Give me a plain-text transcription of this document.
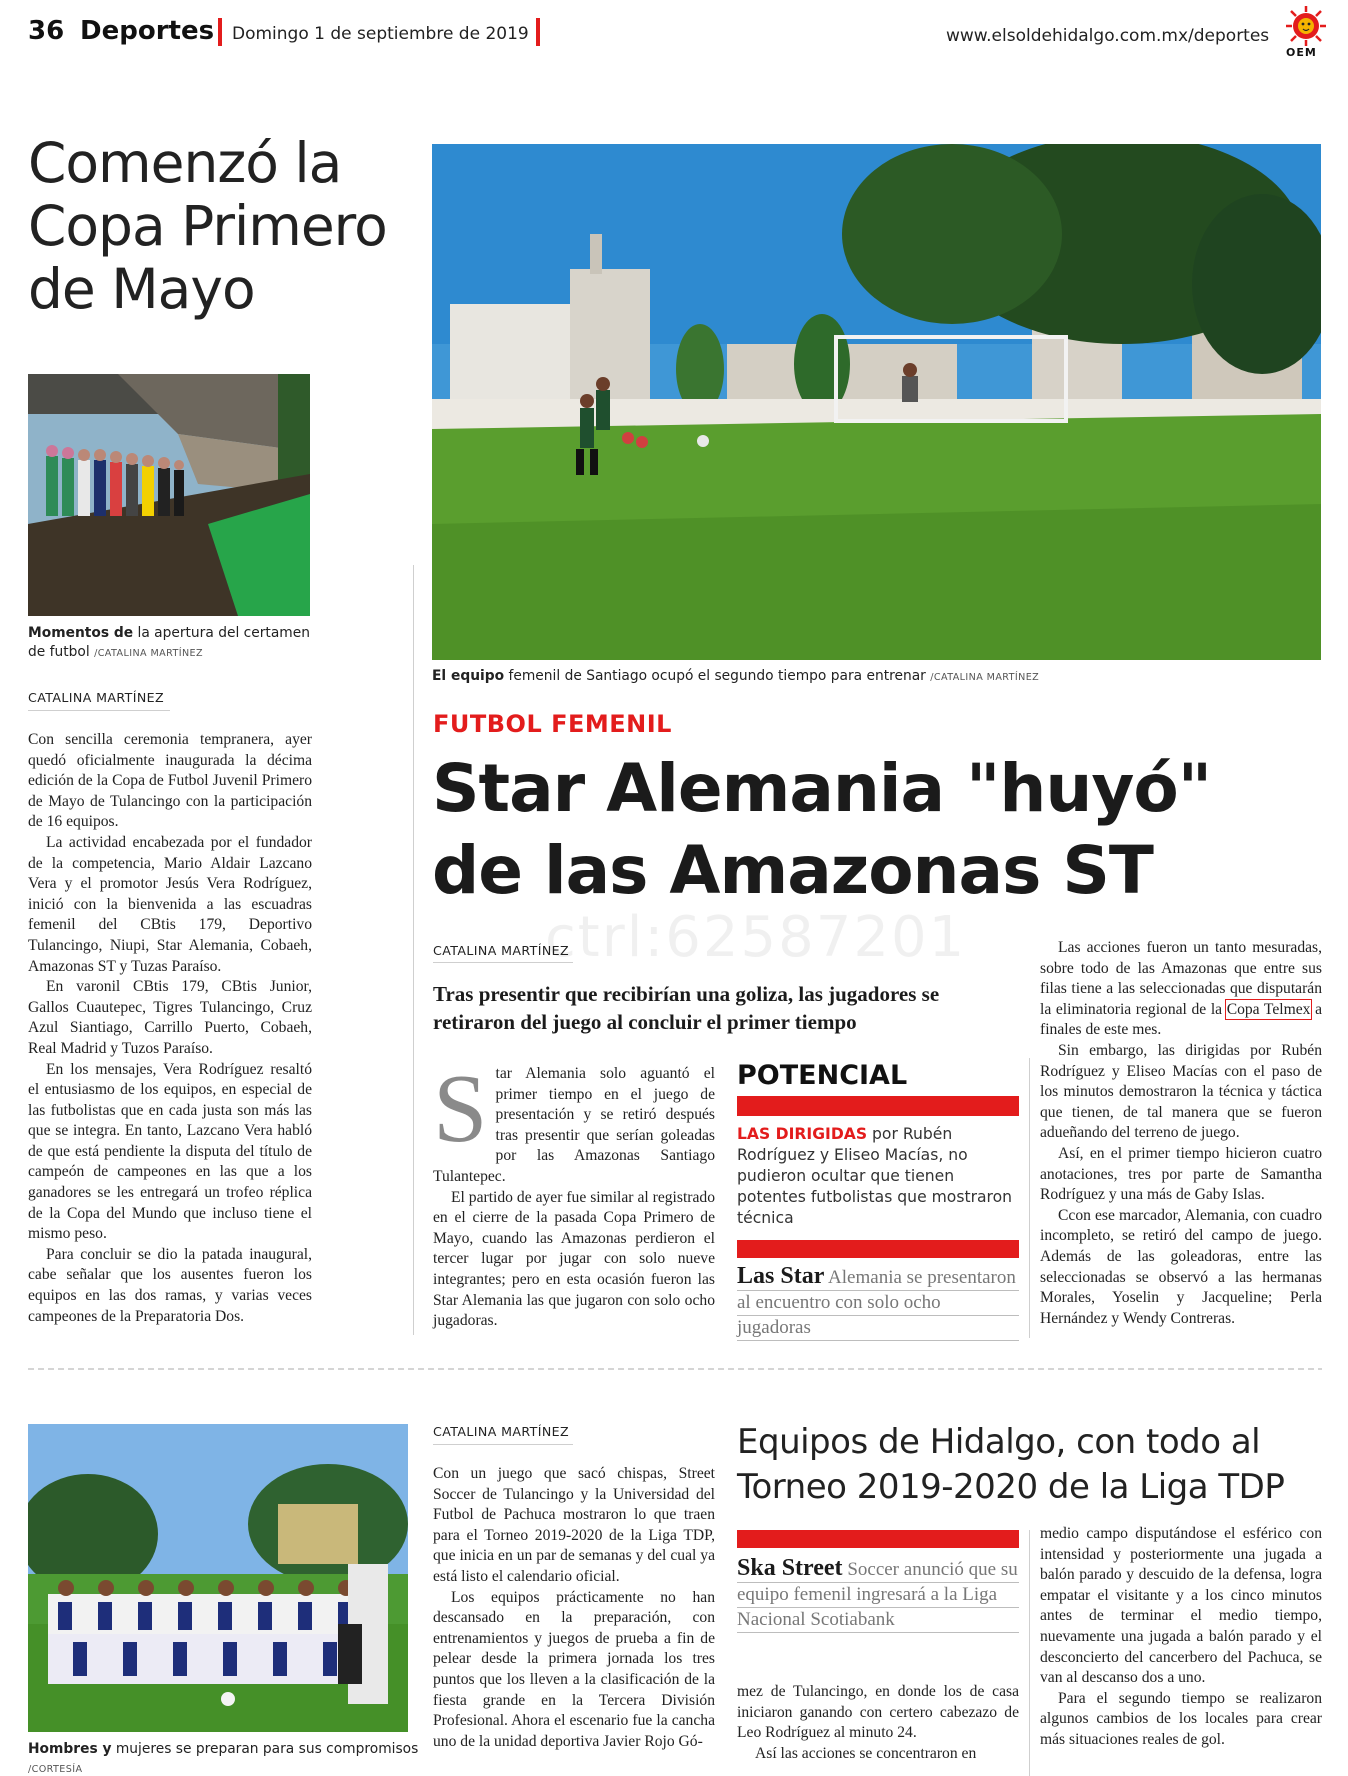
36 Deportes Domingo 1 de septiembre de 2019	www.elsoldehidalgo.com.mx/deportes
OEM
Comenzó la Copa Primero de Mayo
Momentos de la apertura del certamen de futbol /CATALINA MARTÍNEZ
CATALINA MARTÍNEZ

Con sencilla ceremonia tempranera, ayer quedó oficialmente inaugurada la décima edición de la Copa de Futbol Juvenil Primero de Mayo de Tulancingo con la participación de 16 equipos.

La actividad encabezada por el fundador de la competencia, Mario Aldair Lazcano Vera y el promotor Jesús Vera Rodríguez, inició con la bienvenida a las escuadras femenil del CBtis 179, Deportivo Tulancingo, Niupi, Star Alemania, Cobaeh, Amazonas ST y Tuzas Paraíso.

En varonil CBtis 179, CBtis Junior, Gallos Cuautepec, Tigres Tulancingo, Cruz Azul Siantiago, Carrillo Puerto, Cobaeh, Real Madrid y Tuzos Paraíso.

En los mensajes, Vera Rodríguez resaltó el entusiasmo de los equipos, en especial de las futbolistas que en cada justa son más las que se integra. En tanto, Lazcano Vera habló de que está pendiente la disputa del título de campeón de campeones en las que a los ganadores se les entregará un trofeo réplica de la Copa del Mundo que incluso tiene el mismo peso.

Para concluir se dio la patada inaugural, cabe señalar que los ausentes fueron los equipos en las dos ramas, y varias veces campeones de la Preparatoria Dos.

El equipo femenil de Santiago ocupó el segundo tiempo para entrenar /CATALINA MARTÍNEZ
FUTBOL FEMENIL
Star Alemania "huyó"
de las Amazonas ST
CATALINA MARTÍNEZ
Tras presentir que recibirían una goliza, las jugadores se retiraron del juego al concluir el primer tiempo
S tar Alemania solo aguantó el primer tiempo en el juego de presentación y se retiró después tras presentir que serían goleadas por las Amazonas Santiago Tulantepec.

El partido de ayer fue similar al registrado en el cierre de la pasada Copa Primero de Mayo, cuando las Amazonas perdieron el tercer lugar por jugar con solo nueve integrantes; pero en esta ocasión fueron las Star Alemania las que jugaron con solo ocho jugadoras.

POTENCIAL
LAS DIRIGIDAS por Rubén Rodríguez y Eliseo Macías, no pudieron ocultar que tienen potentes futbolistas que mostraron técnica
Las Star Alemania se presentaron al encuentro con solo ocho jugadoras

Las acciones fueron un tanto mesuradas, sobre todo de las Amazonas que entre sus filas tiene a las seleccionadas que disputarán la eliminatoria regional de la Copa Telmex a finales de este mes.

Sin embargo, las dirigidas por Rubén Rodríguez y Eliseo Macías con el paso de los minutos demostraron la técnica y táctica que tienen, de tal manera que se fueron adueñando del terreno de juego.

Así, en el primer tiempo hicieron cuatro anotaciones, tres por parte de Samantha Rodríguez y una más de Gaby Islas.

Ccon ese marcador, Alemania, con cuadro incompleto, se retiró del campo de juego. Además de las goleadoras, entre las seleccionadas se observó a las hermanas Morales, Yoselin y Jacqueline; Perla Hernández y Wendy Contreras.

Hombres y mujeres se preparan para sus compromisos /CORTESÍA
CATALINA MARTÍNEZ

Con un juego que sacó chispas, Street Soccer de Tulancingo y la Universidad del Futbol de Pachuca mostraron lo que traen para el Torneo 2019-2020 de la Liga TDP, que inicia en un par de semanas y del cual ya está listo el calendario oficial.

Los equipos prácticamente no han descansado en la preparación, con entrenamientos y juegos de prueba a fin de pelear desde la primera jornada los tres puntos que los lleven a la clasificación de la fiesta grande en la Tercera División Profesional. Ahora el escenario fue la cancha uno de la unidad deportiva Javier Rojo Gó-

Equipos de Hidalgo, con todo al Torneo 2019-2020 de la Liga TDP
Ska Street Soccer anunció que su equipo femenil ingresará a la Liga Nacional Scotiabank

mez de Tulancingo, en donde los de casa iniciaron ganando con certero cabezazo de Leo Rodríguez al minuto 24.

Así las acciones se concentraron en

medio campo disputándose el esférico con intensidad y posteriormente una jugada a balón parado y descuido de la defensa, logra empatar el visitante y a los cinco minutos antes de terminar el medio tiempo, nuevamente una jugada a balón parado y el desconcierto del cancerbero del Pachuca, se van al descanso dos a uno.

Para el segundo tiempo se realizaron algunos cambios de los locales para crear más situaciones reales de gol.

ctrl:62587201
